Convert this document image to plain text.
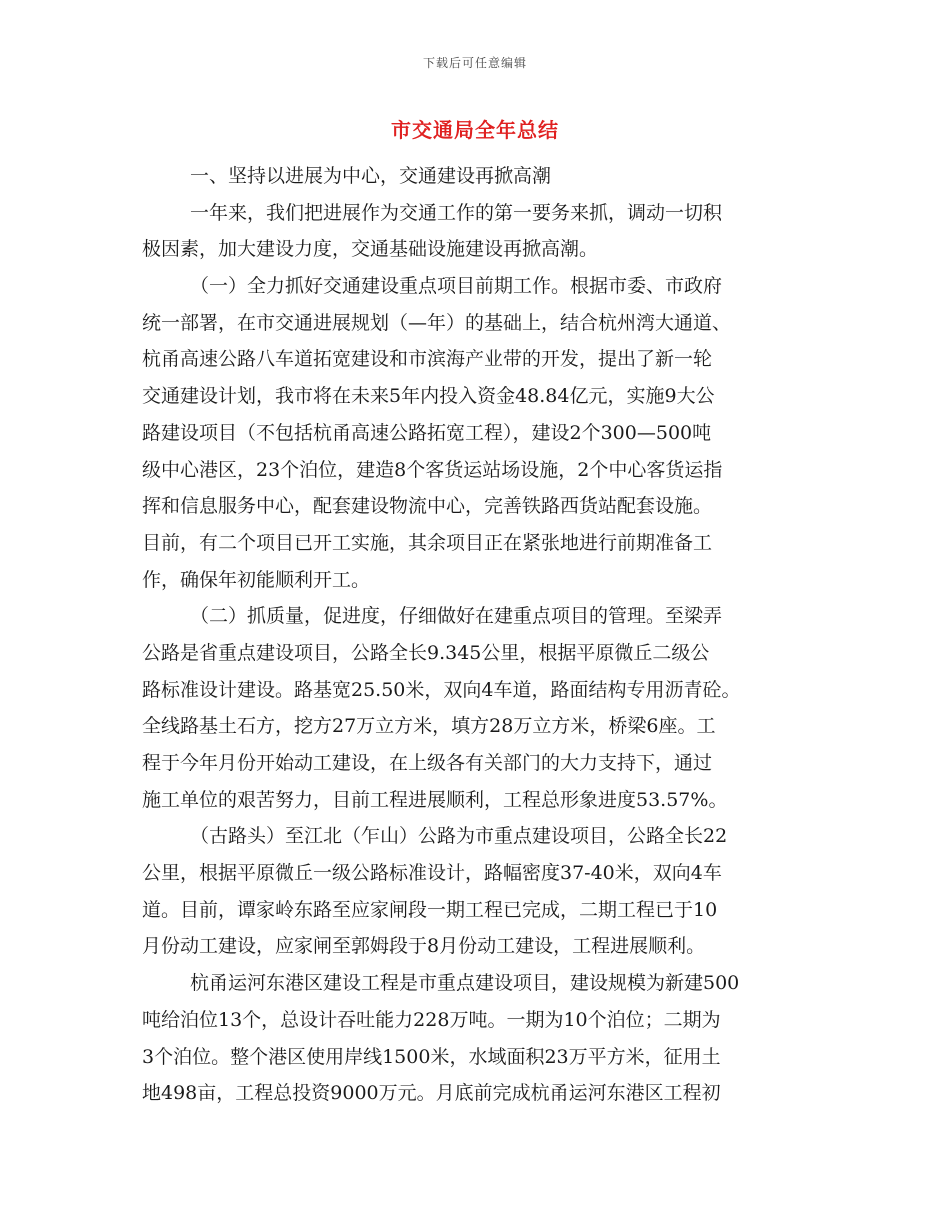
下载后可任意编辑
市交通局全年总结
一、坚持以进展为中心，交通建设再掀高潮
一年来，我们把进展作为交通工作的第一要务来抓，调动一切积
极因素，加大建设力度，交通基础设施建设再掀高潮。
（一）全力抓好交通建设重点项目前期工作。根据市委、市政府
统一部署，在市交通进展规划（—年）的基础上，结合杭州湾大通道、
杭甬高速公路八车道拓宽建设和市滨海产业带的开发，提出了新一轮
交通建设计划，我市将在未来5年内投入资金48.84亿元，实施9大公
路建设项目（不包括杭甬高速公路拓宽工程），建设2个300—500吨
级中心港区，23个泊位，建造8个客货运站场设施，2个中心客货运指
挥和信息服务中心，配套建设物流中心，完善铁路西货站配套设施。
目前，有二个项目已开工实施，其余项目正在紧张地进行前期准备工
作，确保年初能顺利开工。
（二）抓质量，促进度，仔细做好在建重点项目的管理。至梁弄
公路是省重点建设项目，公路全长9.345公里，根据平原微丘二级公
路标准设计建设。路基宽25.50米，双向4车道，路面结构专用沥青砼。
全线路基土石方，挖方27万立方米，填方28万立方米，桥梁6座。工
程于今年月份开始动工建设，在上级各有关部门的大力支持下，通过
施工单位的艰苦努力，目前工程进展顺利，工程总形象进度53.57%。
（古路头）至江北（乍山）公路为市重点建设项目，公路全长22
公里，根据平原微丘一级公路标准设计，路幅密度37-40米，双向4车
道。目前，谭家岭东路至应家闸段一期工程已完成，二期工程已于10
月份动工建设，应家闸至郭姆段于8月份动工建设，工程进展顺利。
杭甬运河东港区建设工程是市重点建设项目，建设规模为新建500
吨给泊位13个，总设计吞吐能力228万吨。一期为10个泊位；二期为
3个泊位。整个港区使用岸线1500米，水域面积23万平方米，征用土
地498亩，工程总投资9000万元。月底前完成杭甬运河东港区工程初
